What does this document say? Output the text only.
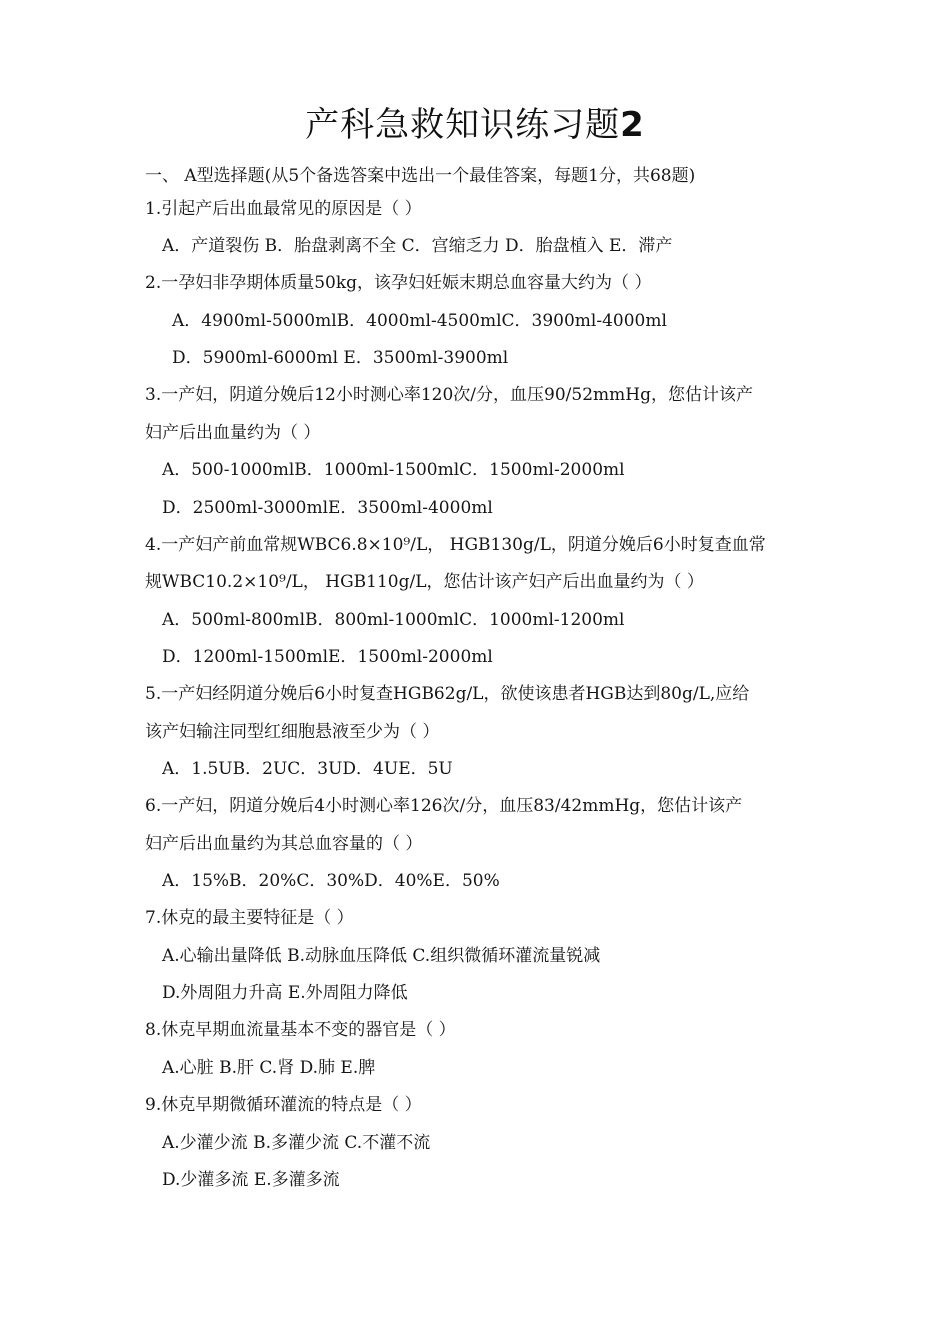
产科急救知识练习题2
一、 A型选择题(从5个备选答案中选出一个最佳答案，每题1分，共68题)
1.引起产后出血最常见的原因是（ ）
A．产道裂伤 B．胎盘剥离不全 C．宫缩乏力 D．胎盘植入 E．滞产
2.一孕妇非孕期体质量50kg，该孕妇妊娠末期总血容量大约为（ ）
A．4900ml-5000mlB．4000ml-4500mlC．3900ml-4000ml
D．5900ml-6000ml E．3500ml-3900ml
3.一产妇，阴道分娩后12小时测心率120次/分，血压90/52mmHg，您估计该产
妇产后出血量约为（ ）
A．500-1000mlB．1000ml-1500mlC．1500ml-2000ml
D．2500ml-3000mlE．3500ml-4000ml
4.一产妇产前血常规WBC6.8×10⁹/L， HGB130g/L，阴道分娩后6小时复查血常
规WBC10.2×10⁹/L， HGB110g/L，您估计该产妇产后出血量约为（ ）
A．500ml-800mlB．800ml-1000mlC．1000ml-1200ml
D．1200ml-1500mlE．1500ml-2000ml
5.一产妇经阴道分娩后6小时复查HGB62g/L，欲使该患者HGB达到80g/L,应给
该产妇输注同型红细胞悬液至少为（ ）
A．1.5UB．2UC．3UD．4UE．5U
6.一产妇，阴道分娩后4小时测心率126次/分，血压83/42mmHg，您估计该产
妇产后出血量约为其总血容量的（ ）
A．15%B．20%C．30%D．40%E．50%
7.休克的最主要特征是（ ）
A.心输出量降低 B.动脉血压降低 C.组织微循环灌流量锐减
D.外周阻力升高 E.外周阻力降低
8.休克早期血流量基本不变的器官是（ ）
A.心脏 B.肝 C.肾 D.肺 E.脾
9.休克早期微循环灌流的特点是（ ）
A.少灌少流 B.多灌少流 C.不灌不流
D.少灌多流 E.多灌多流
